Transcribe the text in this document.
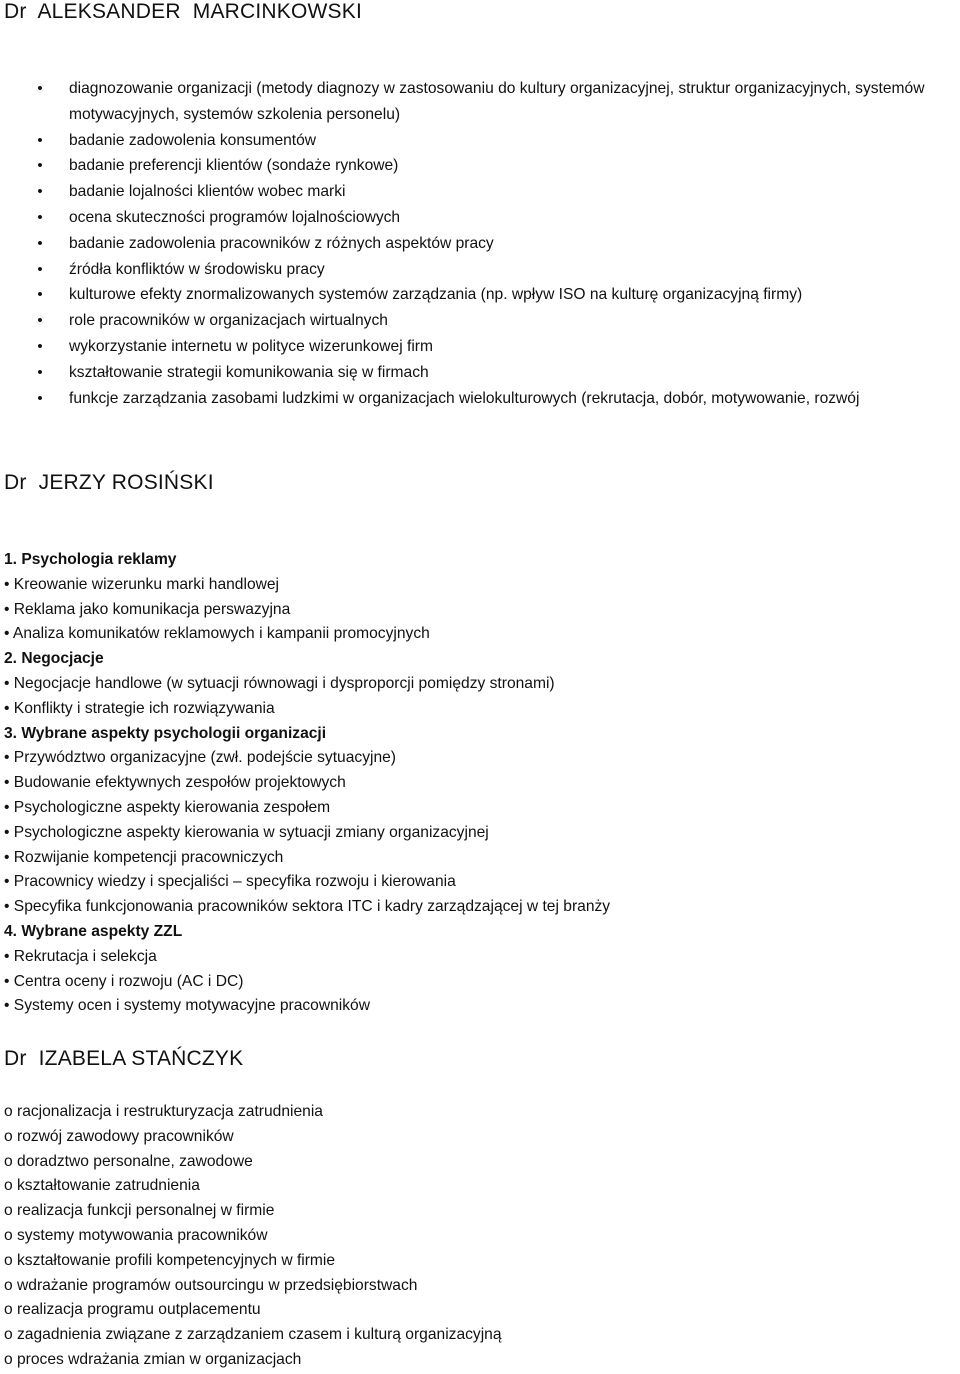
Dr  ALEKSANDER  MARCINKOWSKI
• diagnozowanie organizacji (metody diagnozy w zastosowaniu do kultury organizacyjnej, struktur organizacyjnych, systemów motywacyjnych, systemów szkolenia personelu)
• badanie zadowolenia konsumentów
• badanie preferencji klientów (sondaże rynkowe)
• badanie lojalności klientów wobec marki
• ocena skuteczności programów lojalnościowych
• badanie zadowolenia pracowników z różnych aspektów pracy
• źródła konfliktów w środowisku pracy
• kulturowe efekty znormalizowanych systemów zarządzania (np. wpływ ISO na kulturę organizacyjną firmy)
• role pracowników w organizacjach wirtualnych
• wykorzystanie internetu w polityce wizerunkowej firm
• kształtowanie strategii komunikowania się w firmach
• funkcje zarządzania zasobami ludzkimi w organizacjach wielokulturowych (rekrutacja, dobór, motywowanie, rozwój
Dr  JERZY ROSIŃSKI
1. Psychologia reklamy
• Kreowanie wizerunku marki handlowej
• Reklama jako komunikacja perswazyjna
• Analiza komunikatów reklamowych i kampanii promocyjnych
2. Negocjacje
• Negocjacje handlowe (w sytuacji równowagi i dysproporcji pomiędzy stronami)
• Konflikty i strategie ich rozwiązywania
3. Wybrane aspekty psychologii organizacji
• Przywództwo organizacyjne (zwł. podejście sytuacyjne)
• Budowanie efektywnych zespołów projektowych
• Psychologiczne aspekty kierowania zespołem
• Psychologiczne aspekty kierowania w sytuacji zmiany organizacyjnej
• Rozwijanie kompetencji pracowniczych
• Pracownicy wiedzy i specjaliści – specyfika rozwoju i kierowania
• Specyfika funkcjonowania pracowników sektora ITC i kadry zarządzającej w tej branży
4. Wybrane aspekty ZZL
• Rekrutacja i selekcja
• Centra oceny i rozwoju (AC i DC)
• Systemy ocen i systemy motywacyjne pracowników
Dr  IZABELA STAŃCZYK
o racjonalizacja i restrukturyzacja zatrudnienia
o rozwój zawodowy pracowników
o doradztwo personalne, zawodowe
o kształtowanie zatrudnienia
o realizacja funkcji personalnej w firmie
o systemy motywowania pracowników
o kształtowanie profili kompetencyjnych w firmie
o wdrażanie programów outsourcingu w przedsiębiorstwach
o realizacja programu outplacementu
o zagadnienia związane z zarządzaniem czasem i kulturą organizacyjną
o proces wdrażania zmian w organizacjach
